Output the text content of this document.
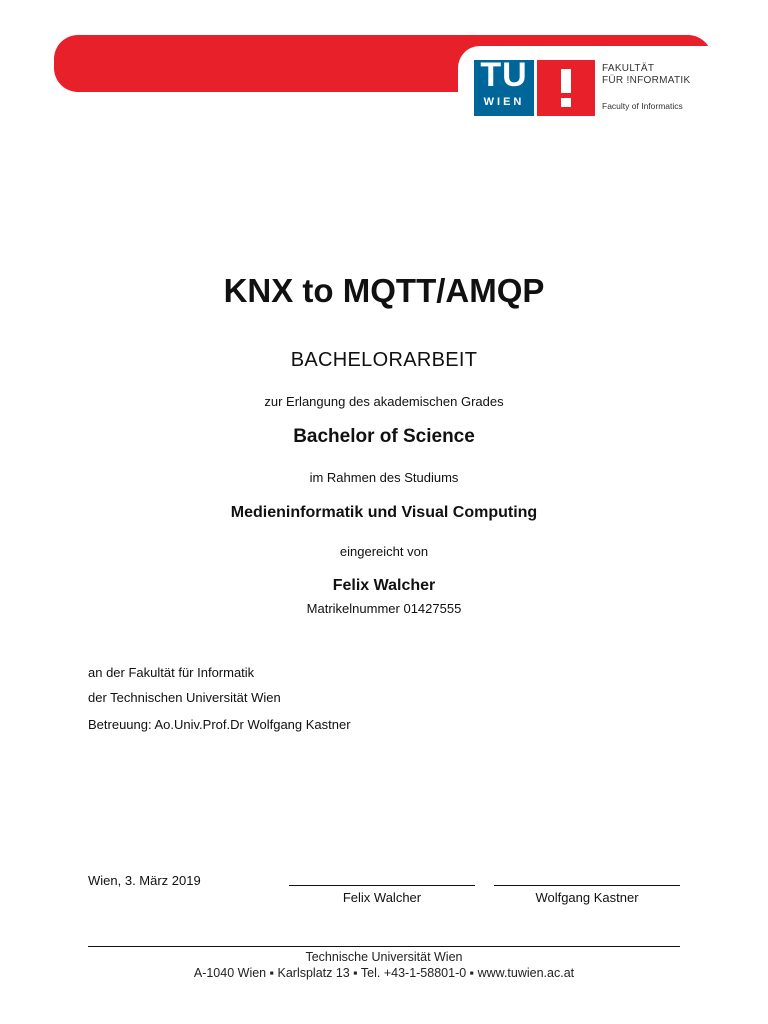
TU
WIEN
FAKULTÄT
FÜR !NFORMATIK
Faculty of Informatics
KNX to MQTT/AMQP
BACHELORARBEIT
zur Erlangung des akademischen Grades
Bachelor of Science
im Rahmen des Studiums
Medieninformatik und Visual Computing
eingereicht von
Felix Walcher
Matrikelnummer 01427555
an der Fakultät für Informatik
der Technischen Universität Wien
Betreuung: Ao.Univ.Prof.Dr Wolfgang Kastner
Wien, 3. März 2019
Felix Walcher	Wolfgang Kastner
Technische Universität Wien
A-1040 Wien ▪ Karlsplatz 13 ▪ Tel. +43-1-58801-0 ▪ www.tuwien.ac.at
